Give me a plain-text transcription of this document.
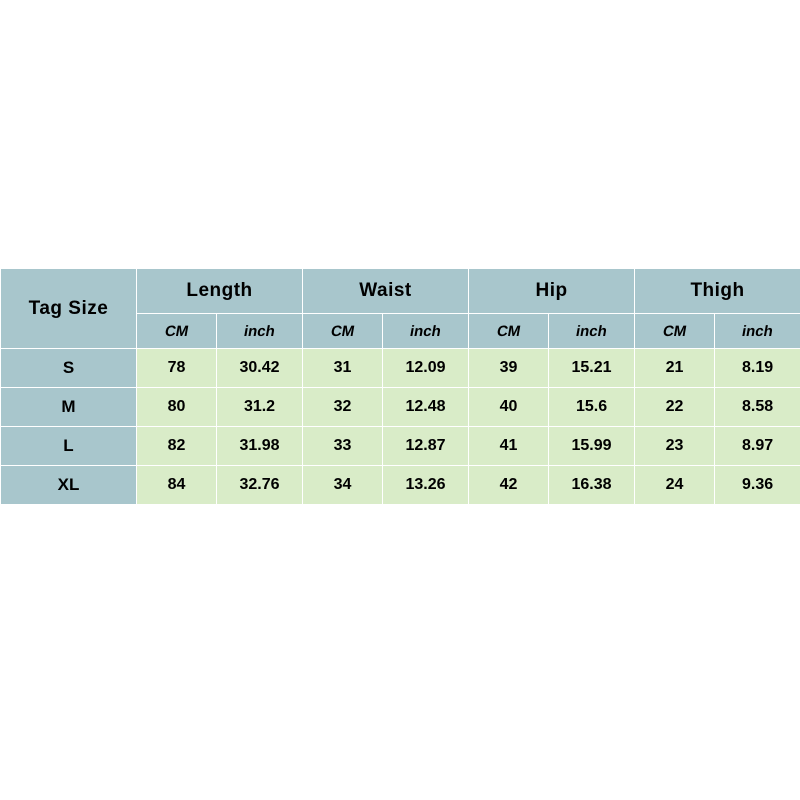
Tag Size	Length		Waist		Hip		Thigh	
	CM	inch	CM	inch	CM	inch	CM	inch
S	78	30.42	31	12.09	39	15.21	21	8.19
M	80	31.2	32	12.48	40	15.6	22	8.58
L	82	31.98	33	12.87	41	15.99	23	8.97
XL	84	32.76	34	13.26	42	16.38	24	9.36
